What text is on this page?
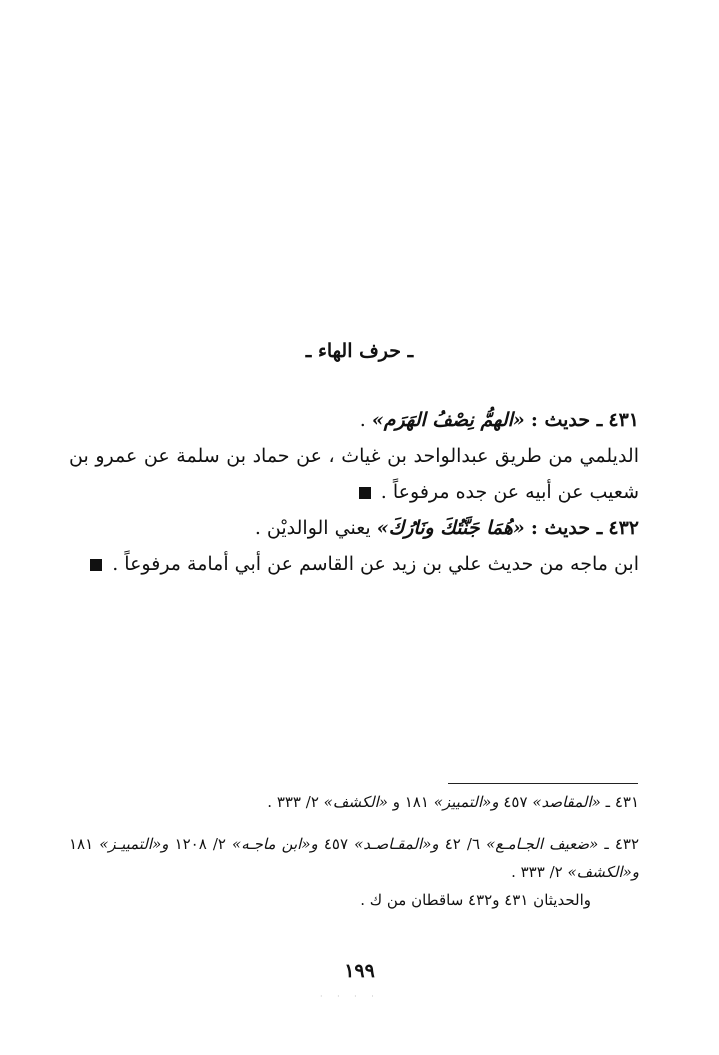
ـ حرف الهاء ـ

٤٣١ ـ حديث : «الهمُّ نِصْفُ الهَرَم» .

الديلمي من طريق عبدالواحد بن غياث ، عن حماد بن سلمة عن عمرو بن شعيب عن أبيه عن جده مرفوعاً .

٤٣٢ ـ حديث : «هُمَا جَنَّتُكَ ونَارُكَ» يعني الوالديْن .

ابن ماجه من حديث علي بن زيد عن القاسم عن أبي أمامة مرفوعاً .

٤٣١ ـ «المقاصد» ٤٥٧ و«التمييز» ١٨١ و «الكشف» ٢/ ٣٣٣ .

٤٣٢ ـ «ضعيف الجـامـع» ٦/ ٤٢ و«المقـاصـد» ٤٥٧ و«ابن ماجـه» ٢/ ١٢٠٨ و«التمييـز» ١٨١ و«الكشف» ٢/ ٣٣٣ .

والحديثان ٤٣١ و٤٣٢ ساقطان من ك .

١٩٩
· · · ·
